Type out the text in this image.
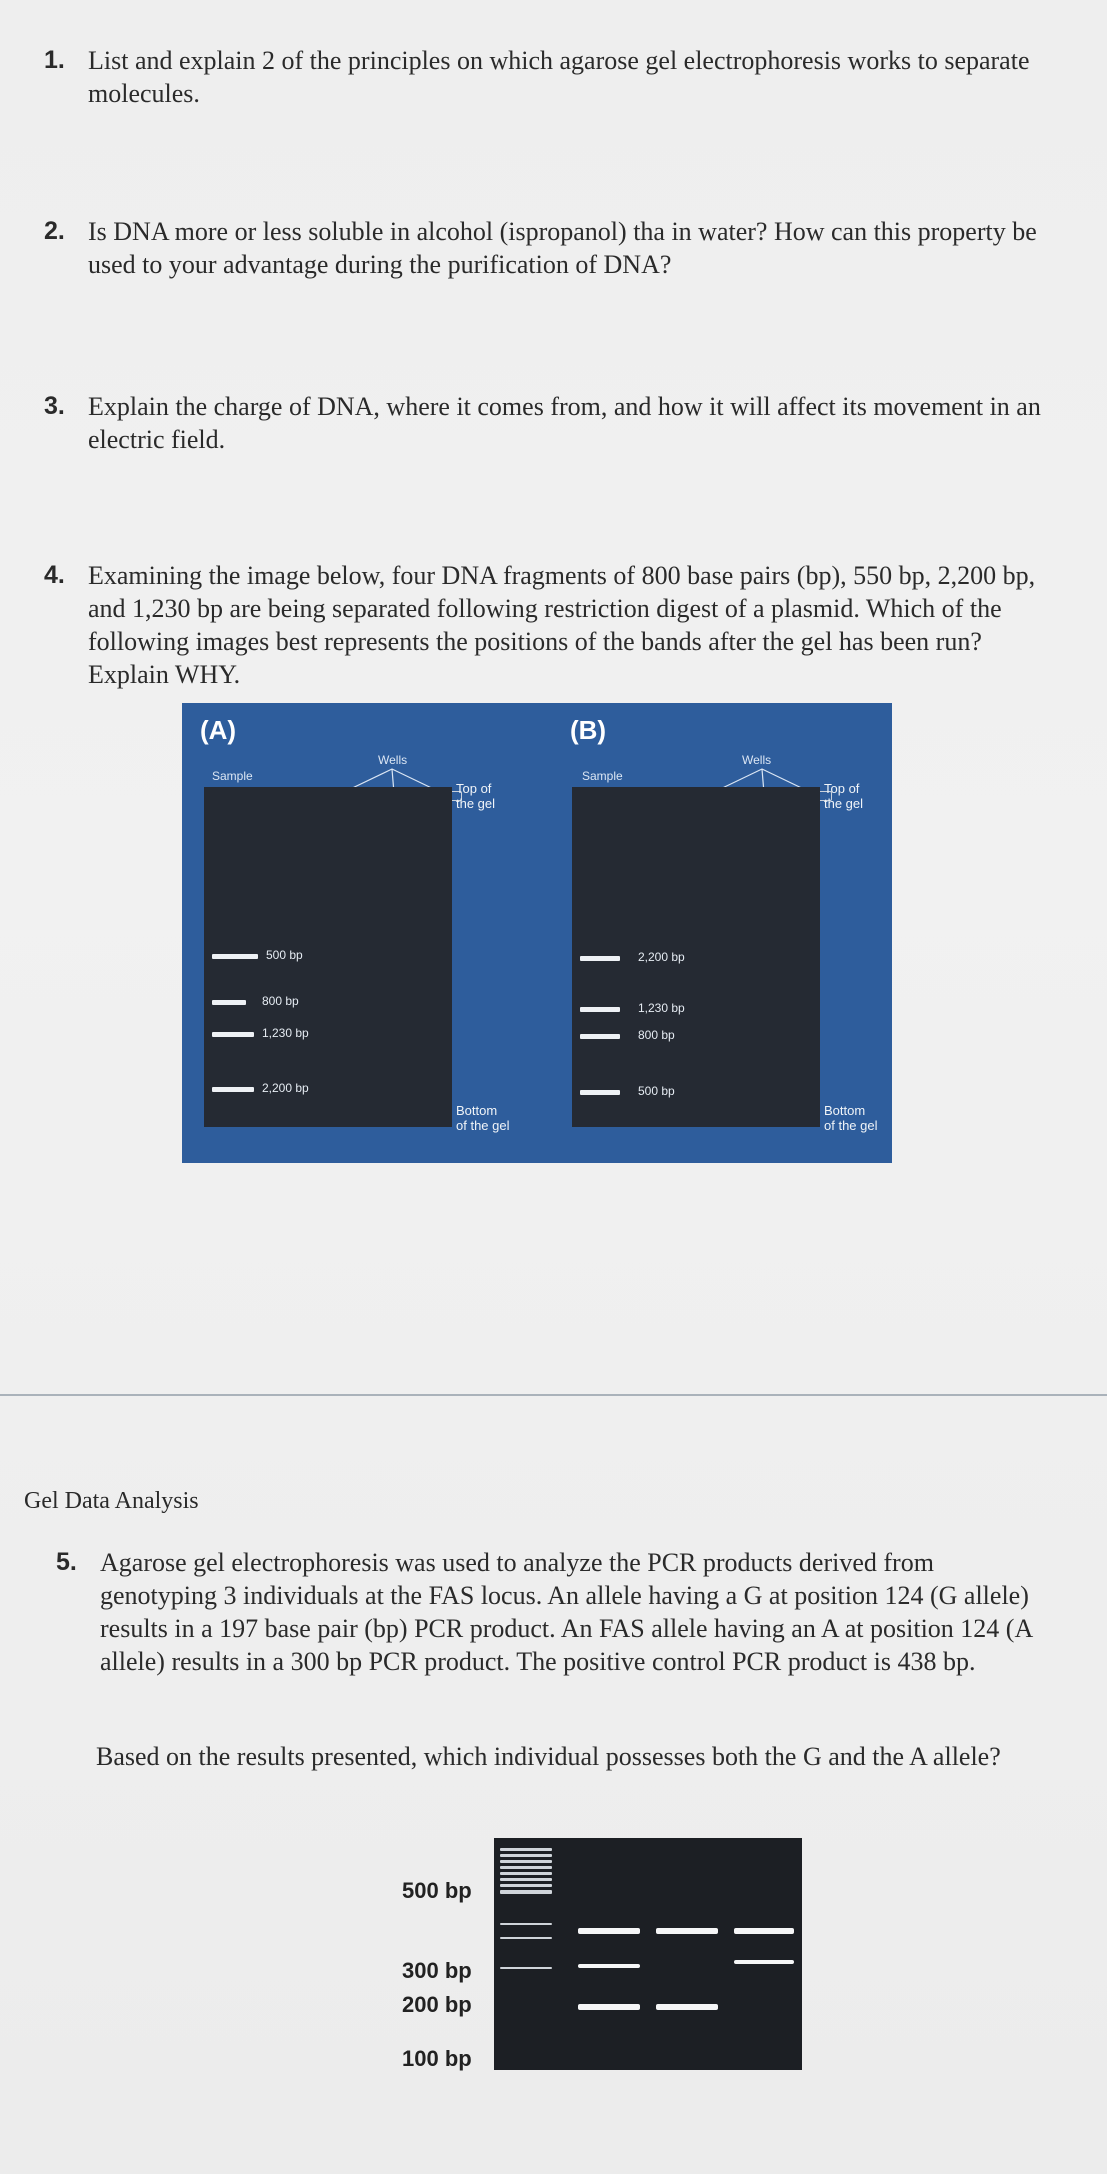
1. List and explain 2 of the principles on which agarose gel electrophoresis works to separate molecules.
2. Is DNA more or less soluble in alcohol (ispropanol) tha in water? How can this property be used to your advantage during the purification of DNA?
3. Explain the charge of DNA, where it comes from, and how it will affect its movement in an electric field.
4. Examining the image below, four DNA fragments of 800 base pairs (bp), 550 bp, 2,200 bp, and 1,230 bp are being separated following restriction digest of a plasmid. Which of the following images best represents the positions of the bands after the gel has been run? Explain WHY.
(A)
Sample
Wells
Top of
the gel
Bottom
of the gel
500 bp
800 bp
1,230 bp
2,200 bp
(B)
Sample
Wells
Top of
the gel
Bottom
of the gel
2,200 bp
1,230 bp
800 bp
500 bp
Gel Data Analysis
5. Agarose gel electrophoresis was used to analyze the PCR products derived from genotyping 3 individuals at the FAS locus. An allele having a G at position 124 (G allele) results in a 197 base pair (bp) PCR product. An FAS allele having an A at position 124 (A allele) results in a 300 bp PCR product. The positive control PCR product is 438 bp.
Based on the results presented, which individual possesses both the G and the A allele?
500 bp
300 bp
200 bp
100 bp
